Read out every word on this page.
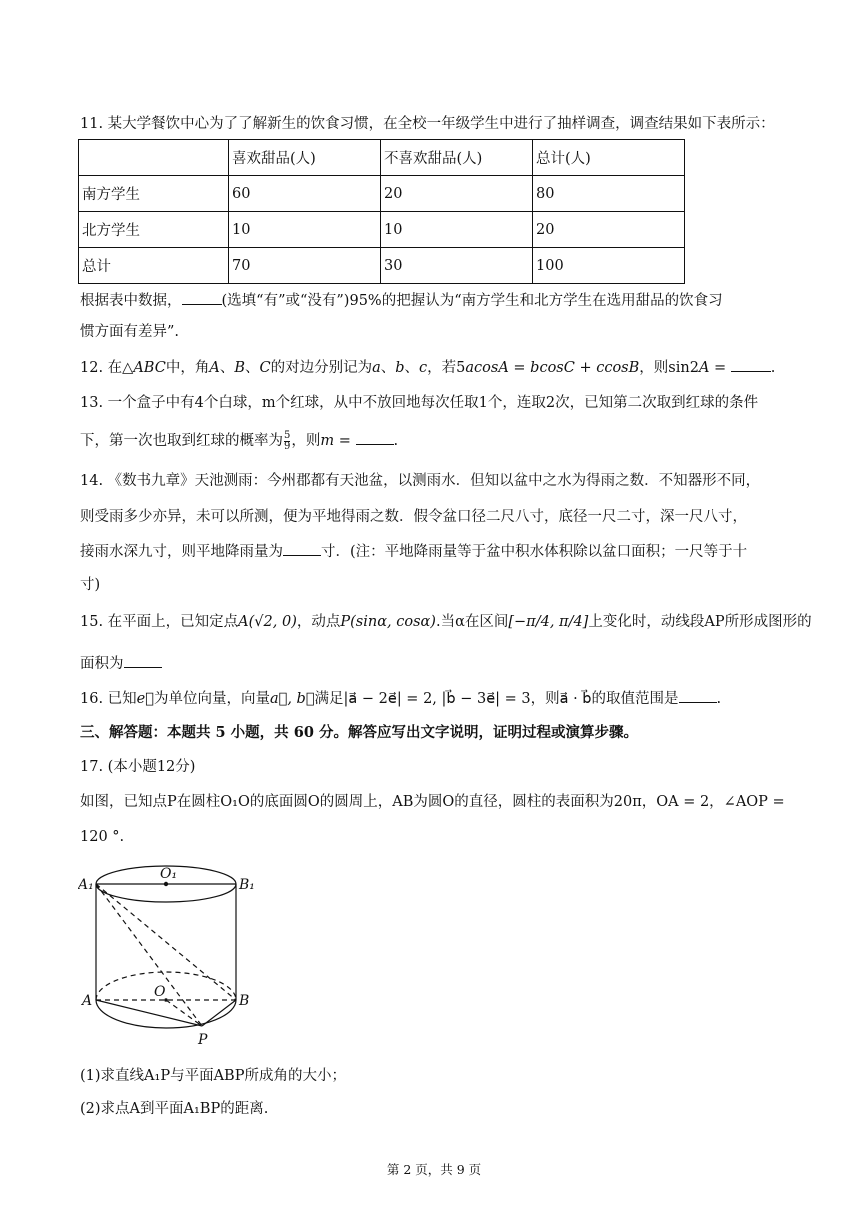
11. 某大学餐饮中心为了了解新生的饮食习惯，在全校一年级学生中进行了抽样调查，调查结果如下表所示：
	喜欢甜品(人)	不喜欢甜品(人)	总计(人)
南方学生	60	20	80
北方学生	10	10	20
总计	70	30	100
根据表中数据，	(选填“有”或“没有”)95%的把握认为“南方学生和北方学生在选用甜品的饮食习
惯方面有差异”.
12. 在△ABC中，角A、B、C的对边分别记为a、b、c，若5acosA = bcosC + ccosB，则sin2A =	.
13. 一个盒子中有4个白球，m个红球，从中不放回地每次任取1个，连取2次，已知第二次取到红球的条件
下，第一次也取到红球的概率为 $\frac{5}{9}$ ，则m =	.
14. 《数书九章》天池测雨：今州郡都有天池盆，以测雨水．但知以盆中之水为得雨之数．不知器形不同，
则受雨多少亦异，未可以所测，便为平地得雨之数．假令盆口径二尺八寸，底径一尺二寸，深一尺八寸，
接雨水深九寸，则平地降雨量为	寸．(注：平地降雨量等于盆中积水体积除以盆口面积；一尺等于十
寸)
15. 在平面上，已知定点A(√2, 0)，动点P(sinα, cosα).当α在区间[−π/4, π/4]上变化时，动线段AP所形成图形的
面积为
16. 已知e⃗为单位向量，向量a⃗, b⃗满足|a⃗ − 2e⃗| = 2, |b⃗ − 3e⃗| = 3，则a⃗ · b⃗的取值范围是	.
三、解答题：本题共 5 小题，共 60 分。解答应写出文字说明，证明过程或演算步骤。
17. (本小题12分)
如图，已知点P在圆柱O₁O的底面圆O的圆周上，AB为圆O的直径，圆柱的表面积为20π，OA = 2，∠AOP =
120 °.
A₁	B₁
O₁
A	B
O
P
(1)求直线A₁P与平面ABP所成角的大小；
(2)求点A到平面A₁BP的距离.
第 2 页，共 9 页
